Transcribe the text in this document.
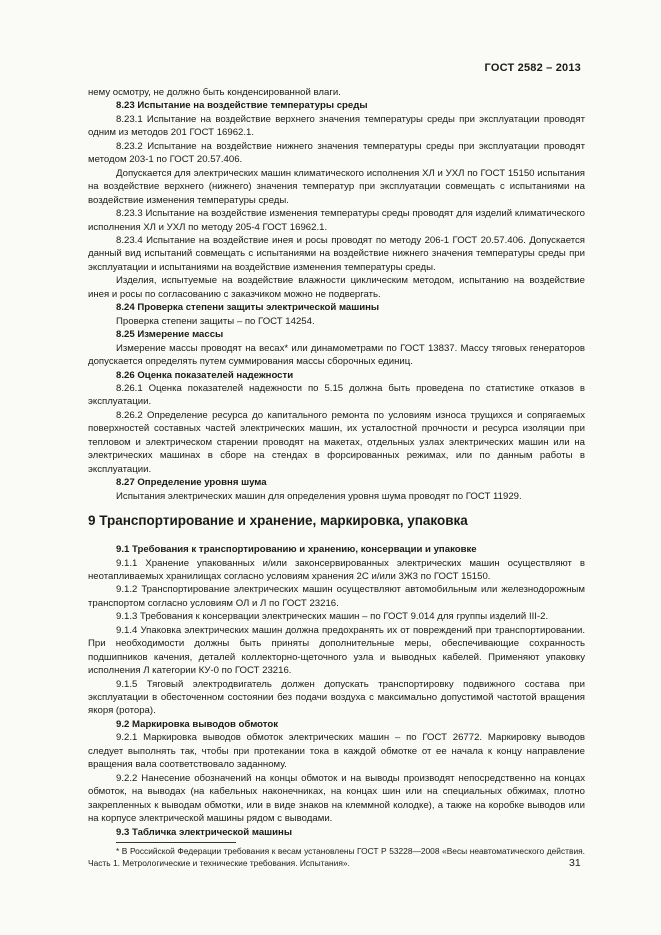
ГОСТ 2582 – 2013

нему осмотру, не должно быть конденсированной влаги.

8.23 Испытание на воздействие температуры среды

8.23.1 Испытание на воздействие верхнего значения температуры среды при эксплуатации проводят одним из методов 201 ГОСТ 16962.1.

8.23.2 Испытание на воздействие нижнего значения температуры среды при эксплуатации проводят методом 203-1 по ГОСТ 20.57.406.

Допускается для электрических машин климатического исполнения ХЛ и УХЛ по ГОСТ 15150 испытания на воздействие верхнего (нижнего) значения температур при эксплуатации совмещать с испытаниями на воздействие изменения температуры среды.

8.23.3 Испытание на воздействие изменения температуры среды проводят для изделий климатического исполнения ХЛ и УХЛ по методу 205-4 ГОСТ 16962.1.

8.23.4 Испытание на воздействие инея и росы проводят по методу 206-1 ГОСТ 20.57.406. Допускается данный вид испытаний совмещать с испытаниями на воздействие нижнего значения температуры среды при эксплуатации и испытаниями на воздействие изменения температуры среды.

Изделия, испытуемые на воздействие влажности циклическим методом, испытанию на воздействие инея и росы по согласованию с заказчиком можно не подвергать.

8.24 Проверка степени защиты электрической машины

Проверка степени защиты – по ГОСТ 14254.

8.25 Измерение массы

Измерение массы проводят на весах* или динамометрами по ГОСТ 13837. Массу тяговых генераторов допускается определять путем суммирования массы сборочных единиц.

8.26 Оценка показателей надежности

8.26.1 Оценка показателей надежности по 5.15 должна быть проведена по статистике отказов в эксплуатации.

8.26.2 Определение ресурса до капитального ремонта по условиям износа трущихся и сопрягаемых поверхностей составных частей электрических машин, их усталостной прочности и ресурса изоляции при тепловом и электрическом старении проводят на макетах, отдельных узлах электрических машин или на электрических машинах в сборе на стендах в форсированных режимах, или по данным работы в эксплуатации.

8.27 Определение уровня шума

Испытания электрических машин для определения уровня шума проводят по ГОСТ 11929.

9 Транспортирование и хранение, маркировка, упаковка

9.1 Требования к транспортированию и хранению, консервации и упаковке

9.1.1 Хранение упакованных и/или законсервированных электрических машин осуществляют в неотапливаемых хранилищах согласно условиям хранения 2С и/или 3Ж3 по ГОСТ 15150.

9.1.2 Транспортирование электрических машин осуществляют автомобильным или железнодорожным транспортом согласно условиям ОЛ и Л по ГОСТ 23216.

9.1.3 Требования к консервации электрических машин – по ГОСТ 9.014 для группы изделий III-2.

9.1.4 Упаковка электрических машин должна предохранять их от повреждений при транспортировании. При необходимости должны быть приняты дополнительные меры, обеспечивающие сохранность подшипников качения, деталей коллекторно-щеточного узла и выводных кабелей. Применяют упаковку исполнения Л категории КУ-0 по ГОСТ 23216.

9.1.5 Тяговый электродвигатель должен допускать транспортировку подвижного состава при эксплуатации в обесточенном состоянии без подачи воздуха с максимально допустимой частотой вращения якоря (ротора).

9.2 Маркировка выводов обмоток

9.2.1 Маркировка выводов обмоток электрических машин – по ГОСТ 26772. Маркировку выводов следует выполнять так, чтобы при протекании тока в каждой обмотке от ее начала к концу направление вращения вала соответствовало заданному.

9.2.2 Нанесение обозначений на концы обмоток и на выводы производят непосредственно на концах обмоток, на выводах (на кабельных наконечниках, на концах шин или на специальных обжимах, плотно закрепленных к выводам обмотки, или в виде знаков на клеммной колодке), а также на коробке выводов или на корпусе электрической машины рядом с выводами.

9.3 Табличка электрической машины

* В Российской Федерации требования к весам установлены ГОСТ Р 53228—2008 «Весы неавтоматического действия. Часть 1. Метрологические и технические требования. Испытания».	31
